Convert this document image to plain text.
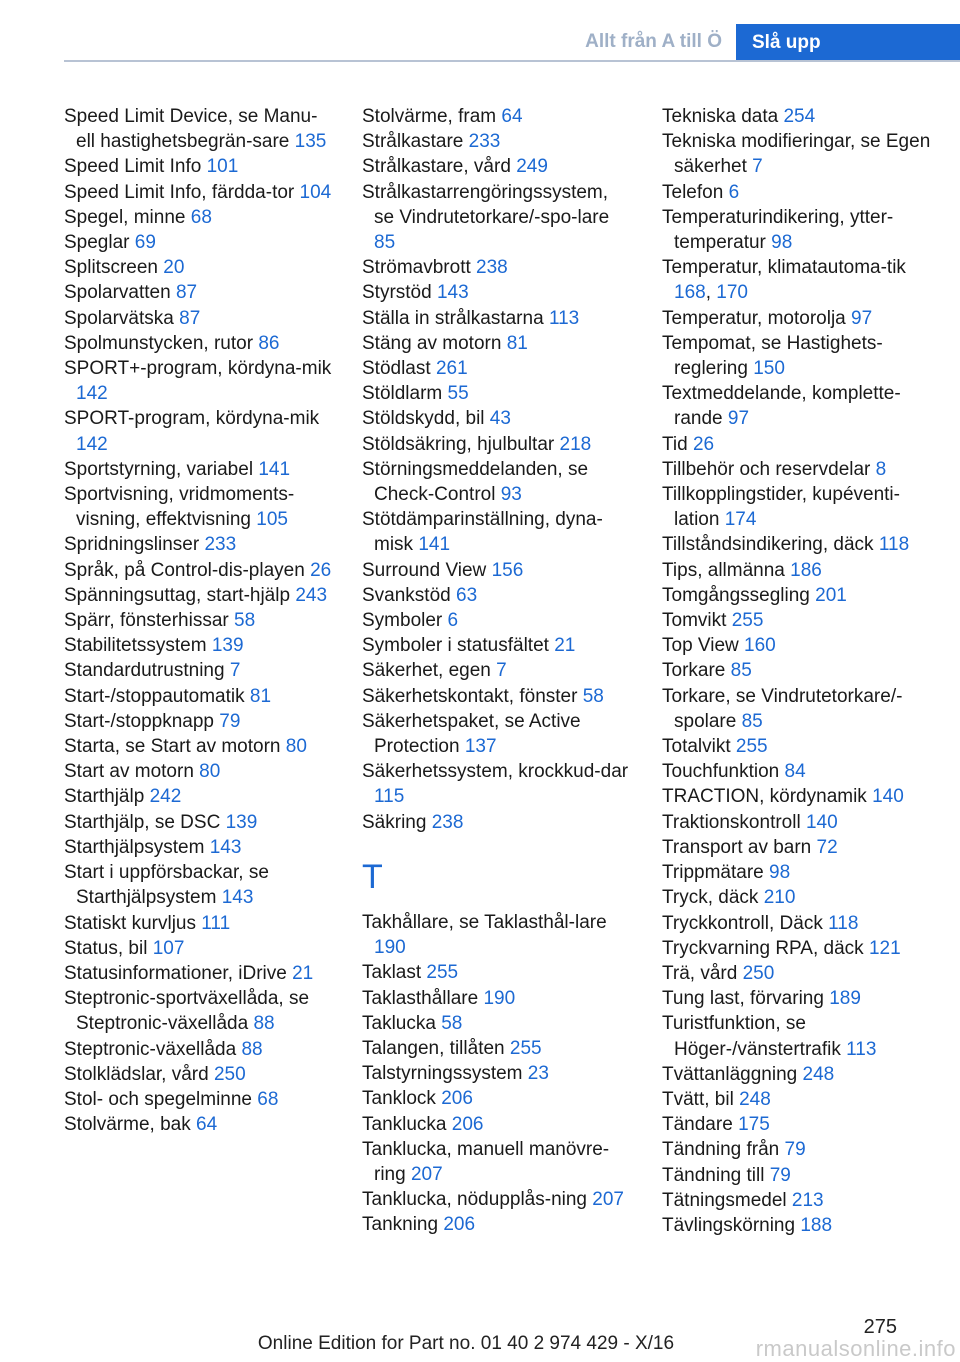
Allt från A till Ö	Slå upp
Speed Limit Device, se Manu-ell hastighetsbegrän-sare 135
Speed Limit Info 101
Speed Limit Info, färdda-tor 104
Spegel, minne 68
Speglar 69
Splitscreen 20
Spolarvatten 87
Spolarvätska 87
Spolmunstycken, rutor 86
SPORT+-program, kördyna-mik 142
SPORT-program, kördyna-mik 142
Sportstyrning, variabel 141
Sportvisning, vridmoments-visning, effektvisning 105
Spridningslinser 233
Språk, på Control-dis-playen 26
Spänningsuttag, start-hjälp 243
Spärr, fönsterhissar 58
Stabilitetssystem 139
Standardutrustning 7
Start-/stoppautomatik 81
Start-/stoppknapp 79
Starta, se Start av motorn 80
Start av motorn 80
Starthjälp 242
Starthjälp, se DSC 139
Starthjälpsystem 143
Start i uppförsbackar, se Starthjälpsystem 143
Statiskt kurvljus 111
Status, bil 107
Statusinformationer, iDrive 21
Steptronic-sportväxellåda, se Steptronic-växellåda 88
Steptronic-växellåda 88
Stolklädslar, vård 250
Stol- och spegelminne 68
Stolvärme, bak 64
Stolvärme, fram 64
Strålkastare 233
Strålkastare, vård 249
Strålkastarrengöringssystem, se Vindrutetorkare/-spo-lare 85
Strömavbrott 238
Styrstöd 143
Ställa in strålkastarna 113
Stäng av motorn 81
Stödlast 261
Stöldlarm 55
Stöldskydd, bil 43
Stöldsäkring, hjulbultar 218
Störningsmeddelanden, se Check-Control 93
Stötdämparinställning, dyna-misk 141
Surround View 156
Svankstöd 63
Symboler 6
Symboler i statusfältet 21
Säkerhet, egen 7
Säkerhetskontakt, fönster 58
Säkerhetspaket, se Active Protection 137
Säkerhetssystem, krockkud-dar 115
Säkring 238
T
Takhållare, se Taklasthål-lare 190
Taklast 255
Taklasthållare 190
Taklucka 58
Talangen, tillåten 255
Talstyrningssystem 23
Tanklock 206
Tanklucka 206
Tanklucka, manuell manövre-ring 207
Tanklucka, nödupplås-ning 207
Tankning 206
Tekniska data 254
Tekniska modifieringar, se Egen säkerhet 7
Telefon 6
Temperaturindikering, ytter-temperatur 98
Temperatur, klimatautoma-tik 168, 170
Temperatur, motorolja 97
Tempomat, se Hastighets-reglering 150
Textmeddelande, komplette-rande 97
Tid 26
Tillbehör och reservdelar 8
Tillkopplingstider, kupéventi-lation 174
Tillståndsindikering, däck 118
Tips, allmänna 186
Tomgångssegling 201
Tomvikt 255
Top View 160
Torkare 85
Torkare, se Vindrutetorkare/-spolare 85
Totalvikt 255
Touchfunktion 84
TRACTION, kördynamik 140
Traktionskontroll 140
Transport av barn 72
Trippmätare 98
Tryck, däck 210
Tryckkontroll, Däck 118
Tryckvarning RPA, däck 121
Trä, vård 250
Tung last, förvaring 189
Turistfunktion, se Höger-/vänstertrafik 113
Tvättanläggning 248
Tvätt, bil 248
Tändare 175
Tändning från 79
Tändning till 79
Tätningsmedel 213
Tävlingskörning 188
275
Online Edition for Part no. 01 40 2 974 429 - X/16	rmanualsonline.info
